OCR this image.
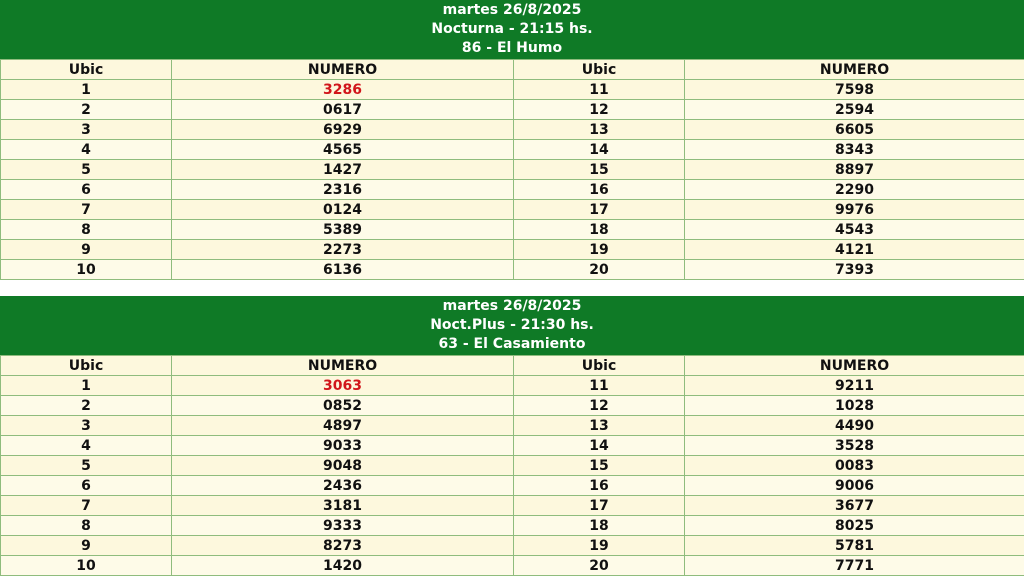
martes 26/8/2025
Nocturna - 21:15 hs.
86 - El Humo
Ubic	NUMERO	Ubic	NUMERO
1	3286	11	7598
2	0617	12	2594
3	6929	13	6605
4	4565	14	8343
5	1427	15	8897
6	2316	16	2290
7	0124	17	9976
8	5389	18	4543
9	2273	19	4121
10	6136	20	7393
martes 26/8/2025
Noct.Plus - 21:30 hs.
63 - El Casamiento
Ubic	NUMERO	Ubic	NUMERO
1	3063	11	9211
2	0852	12	1028
3	4897	13	4490
4	9033	14	3528
5	9048	15	0083
6	2436	16	9006
7	3181	17	3677
8	9333	18	8025
9	8273	19	5781
10	1420	20	7771
